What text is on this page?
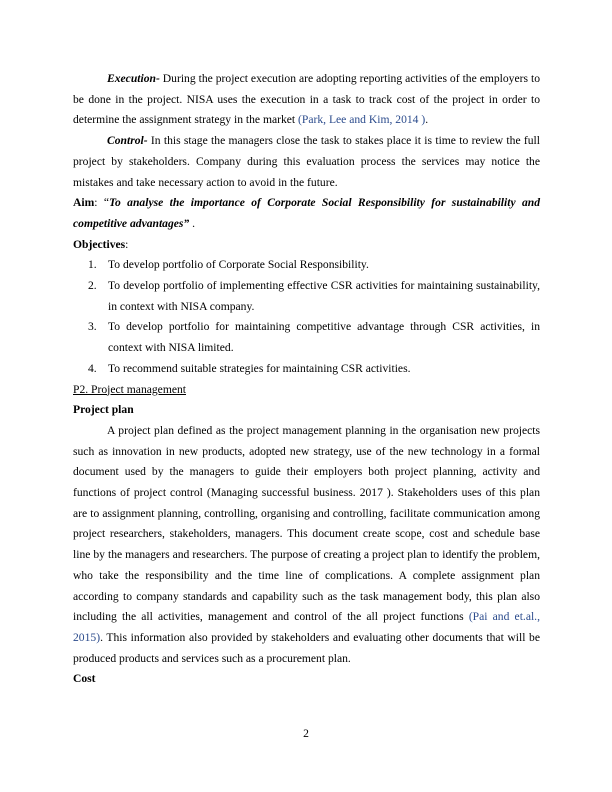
Execution- During the project execution are adopting reporting activities of the employers to be done in the project. NISA uses the execution in a task to track cost of the project in order to determine the assignment strategy in the market (Park, Lee and Kim, 2014 ).

Control- In this stage the managers close the task to stakes place it is time to review the full project by stakeholders. Company during this evaluation process the services may notice the mistakes and take necessary action to avoid in the future.

Aim: “To analyse the importance of Corporate Social Responsibility for sustainability and competitive advantages” .

Objectives:

1. To develop portfolio of Corporate Social Responsibility.
2. To develop portfolio of implementing effective CSR activities for maintaining sustainability, in context with NISA company.
3. To develop portfolio for maintaining competitive advantage through CSR activities, in context with NISA limited.
4. To recommend suitable strategies for maintaining CSR activities.
P2. Project management
Project plan

A project plan defined as the project management planning in the organisation new projects such as innovation in new products, adopted new strategy, use of the new technology in a formal document used by the managers to guide their employers both project planning, activity and functions of project control (Managing successful business. 2017 ). Stakeholders uses of this plan are to assignment planning, controlling, organising and controlling, facilitate communication among project researchers, stakeholders, managers. This document create scope, cost and schedule base line by the managers and researchers. The purpose of creating a project plan to identify the problem, who take the responsibility and the time line of complications. A complete assignment plan according to company standards and capability such as the task management body, this plan also including the all activities, management and control of the all project functions (Pai and et.al., 2015). This information also provided by stakeholders and evaluating other documents that will be produced products and services such as a procurement plan.

Cost
2
